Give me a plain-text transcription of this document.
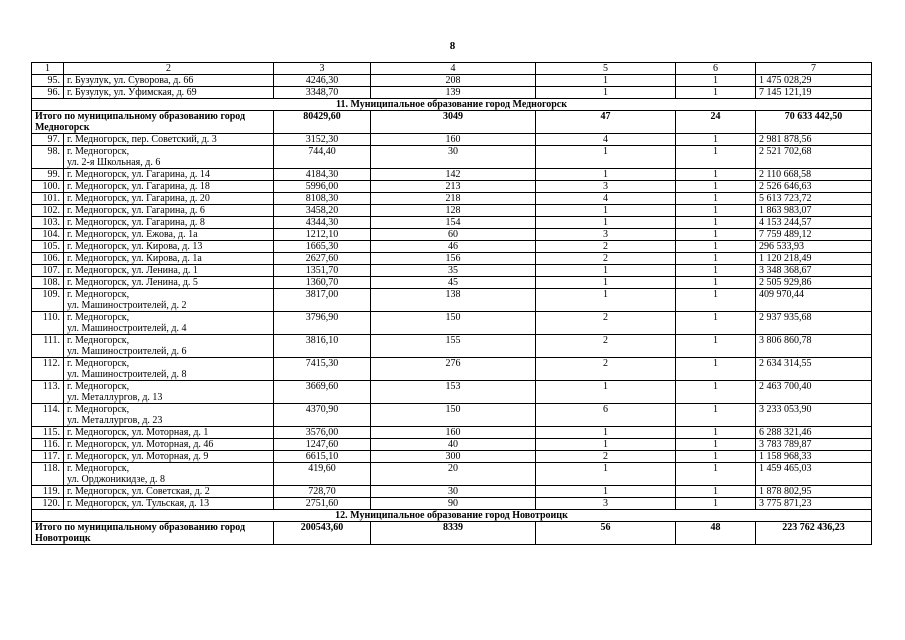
8
1	2	3	4	5	6	7
95.	г. Бузулук, ул. Суворова, д. 66	4246,30	208	1	1	1 475 028,29
96.	г. Бузулук, ул. Уфимская, д. 69	3348,70	139	1	1	7 145 121,19
11. Муниципальное образование город Медногорск						
Итого по муниципальному образованию город Медногорск		80429,60	3049	47	24	70 633 442,50
97.	г. Медногорск, пер. Советский, д. 3	3152,30	160	4	1	2 981 878,56
98.	г. Медногорск,
ул. 2-я Школьная, д. 6	744,40	30	1	1	2 521 702,68
99.	г. Медногорск, ул. Гагарина, д. 14	4184,30	142	1	1	2 110 668,58
100.	г. Медногорск, ул. Гагарина, д. 18	5996,00	213	3	1	2 526 646,63
101.	г. Медногорск, ул. Гагарина, д. 20	8108,30	218	4	1	5 613 723,72
102.	г. Медногорск, ул. Гагарина, д. 6	3458,20	128	1	1	1 863 983,07
103.	г. Медногорск, ул. Гагарина, д. 8	4344,30	154	1	1	4 153 244,57
104.	г. Медногорск, ул. Ежова, д. 1а	1212,10	60	3	1	7 759 489,12
105.	г. Медногорск, ул. Кирова, д. 13	1665,30	46	2	1	296 533,93
106.	г. Медногорск, ул. Кирова, д. 1а	2627,60	156	2	1	1 120 218,49
107.	г. Медногорск, ул. Ленина, д. 1	1351,70	35	1	1	3 348 368,67
108.	г. Медногорск, ул. Ленина, д. 5	1360,70	45	1	1	2 505 929,86
109.	г. Медногорск,
ул. Машиностроителей, д. 2	3817,00	138	1	1	409 970,44
110.	г. Медногорск,
ул. Машиностроителей, д. 4	3796,90	150	2	1	2 937 935,68
111.	г. Медногорск,
ул. Машиностроителей, д. 6	3816,10	155	2	1	3 806 860,78
112.	г. Медногорск,
ул. Машиностроителей, д. 8	7415,30	276	2	1	2 634 314,55
113.	г. Медногорск,
ул. Металлургов, д. 13	3669,60	153	1	1	2 463 700,40
114.	г. Медногорск,
ул. Металлургов, д. 23	4370,90	150	6	1	3 233 053,90
115.	г. Медногорск, ул. Моторная, д. 1	3576,00	160	1	1	6 288 321,46
116.	г. Медногорск, ул. Моторная, д. 46	1247,60	40	1	1	3 783 789,87
117.	г. Медногорск, ул. Моторная, д. 9	6615,10	300	2	1	1 158 968,33
118.	г. Медногорск,
ул. Орджоникидзе, д. 8	419,60	20	1	1	1 459 465,03
119.	г. Медногорск, ул. Советская, д. 2	728,70	30	1	1	1 878 802,95
120.	г. Медногорск, ул. Тульская, д. 13	2751,60	90	3	1	3 775 871,23
12. Муниципальное образование город Новотроицк						
Итого по муниципальному образованию город Новотроицк		200543,60	8339	56	48	223 762 436,23
